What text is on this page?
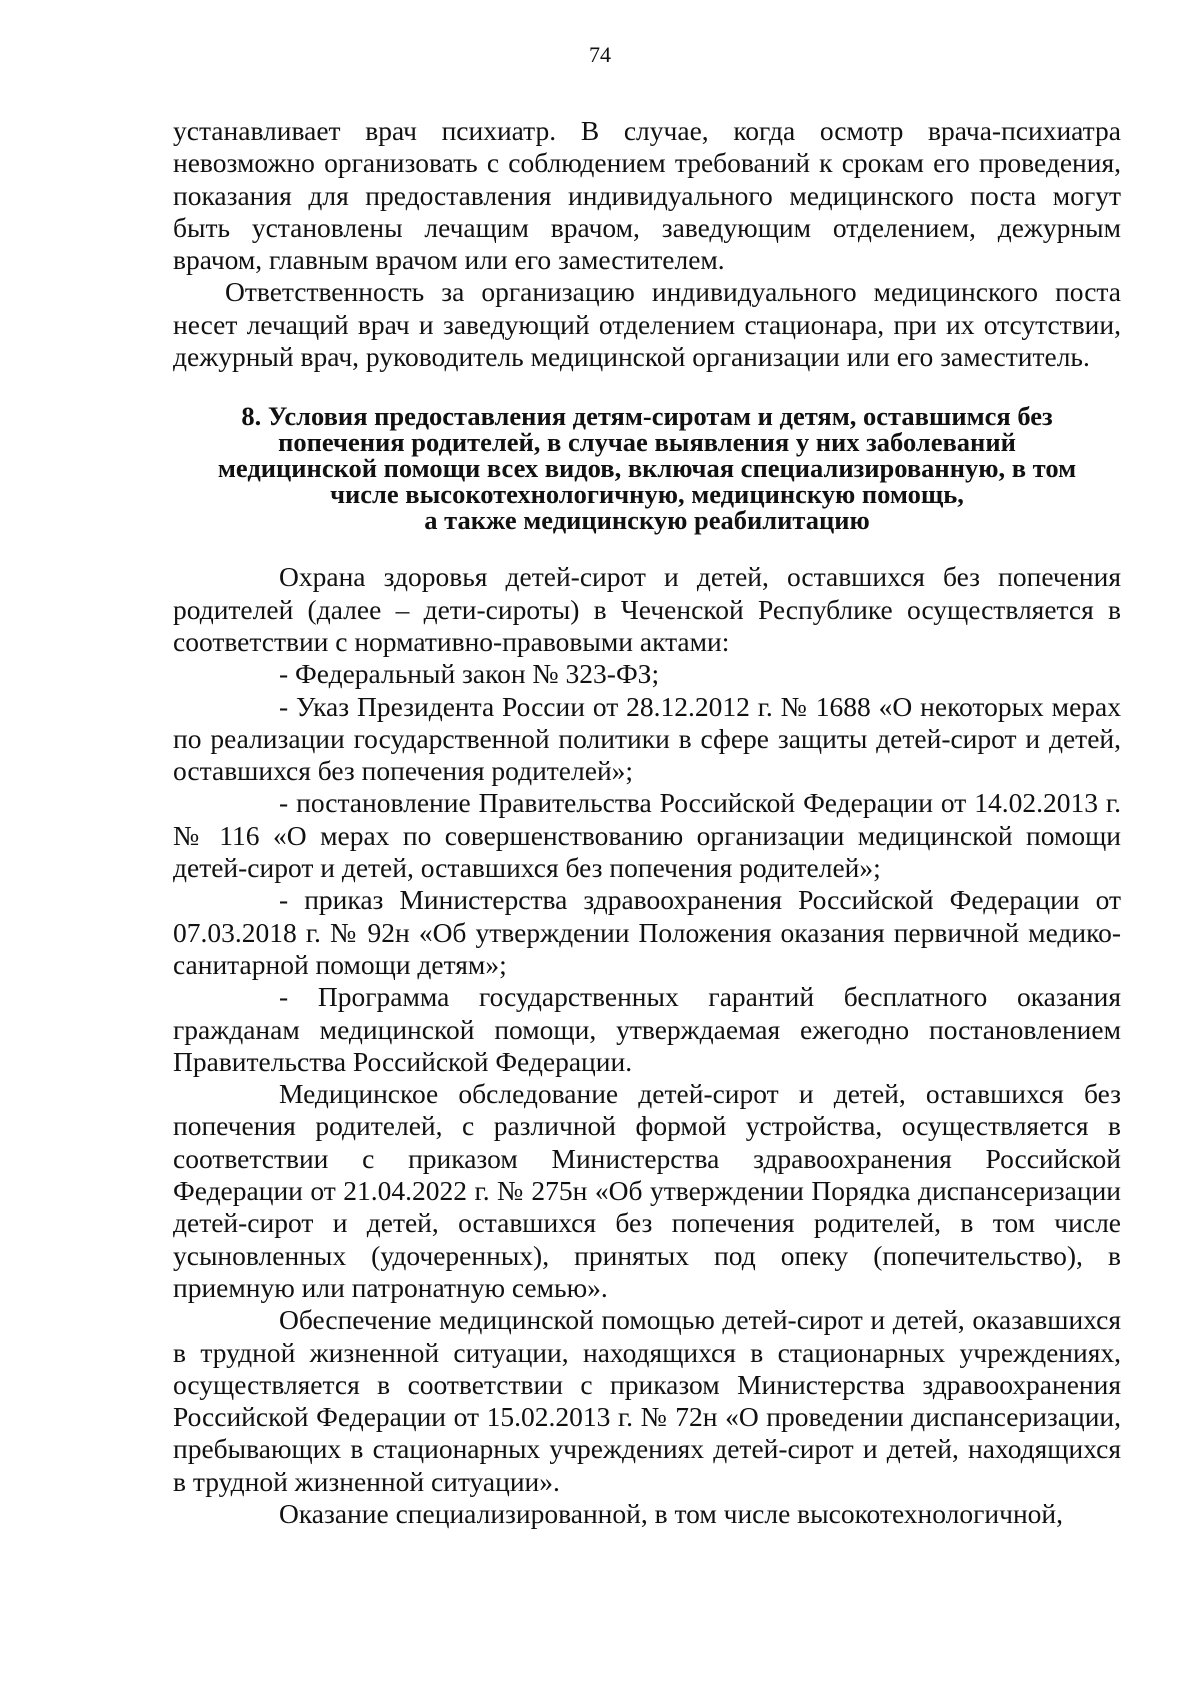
74

устанавливает врач психиатр. В случае, когда осмотр врача-психиатра невозможно организовать с соблюдением требований к срокам его проведения, показания для предоставления индивидуального медицинского поста могут быть установлены лечащим врачом, заведующим отделением, дежурным врачом, главным врачом или его заместителем.

Ответственность за организацию индивидуального медицинского поста несет лечащий врач и заведующий отделением стационара, при их отсутствии, дежурный врач, руководитель медицинской организации или его заместитель.

8. Условия предоставления детям-сиротам и детям, оставшимся без
попечения родителей, в случае выявления у них заболеваний
медицинской помощи всех видов, включая специализированную, в том
числе высокотехнологичную, медицинскую помощь,
а также медицинскую реабилитацию

Охрана здоровья детей-сирот и детей, оставшихся без попечения родителей (далее – дети-сироты) в Чеченской Республике осуществляется в соответствии с нормативно-правовыми актами:

- Федеральный закон № 323-ФЗ;

- Указ Президента России от 28.12.2012 г. № 1688 «О некоторых мерах по реализации государственной политики в сфере защиты детей-сирот и детей, оставшихся без попечения родителей»;

- постановление Правительства Российской Федерации от 14.02.2013 г. № 116 «О мерах по совершенствованию организации медицинской помощи детей-сирот и детей, оставшихся без попечения родителей»;

- приказ Министерства здравоохранения Российской Федерации от 07.03.2018 г. № 92н «Об утверждении Положения оказания первичной медико-санитарной помощи детям»;

- Программа государственных гарантий бесплатного оказания гражданам медицинской помощи, утверждаемая ежегодно постановлением Правительства Российской Федерации.

Медицинское обследование детей-сирот и детей, оставшихся без попечения родителей, с различной формой устройства, осуществляется в соответствии с приказом Министерства здравоохранения Российской Федерации от 21.04.2022 г. № 275н «Об утверждении Порядка диспансеризации детей-сирот и детей, оставшихся без попечения родителей, в том числе усыновленных (удочеренных), принятых под опеку (попечительство), в приемную или патронатную семью».

Обеспечение медицинской помощью детей-сирот и детей, оказавшихся в трудной жизненной ситуации, находящихся в стационарных учреждениях, осуществляется в соответствии с приказом Министерства здравоохранения Российской Федерации от 15.02.2013 г. № 72н «О проведении диспансеризации, пребывающих в стационарных учреждениях детей-сирот и детей, находящихся в трудной жизненной ситуации».

Оказание специализированной, в том числе высокотехнологичной,
